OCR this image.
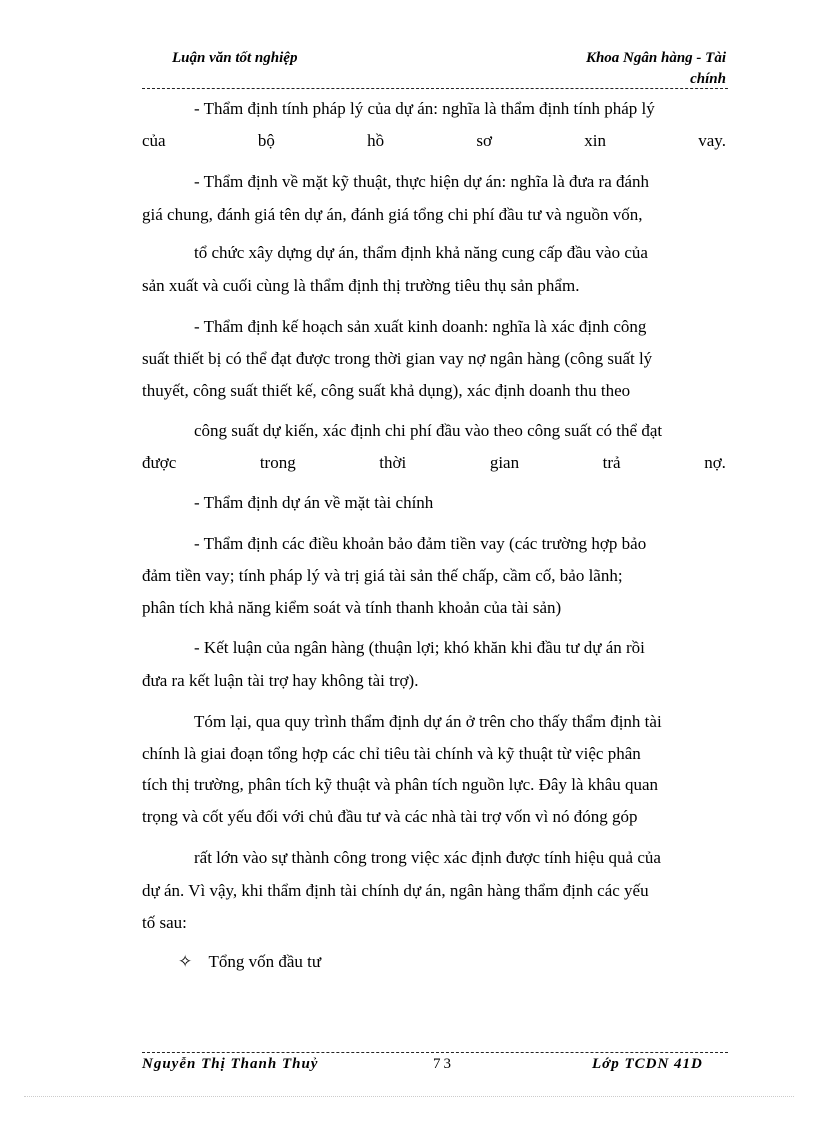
Luận văn tốt nghiệp	Khoa Ngân hàng - Tài
chính
- Thẩm định tính pháp lý của dự án: nghĩa là thẩm định tính pháp lý
của	bộ	hồ	sơ	xin	vay.
- Thẩm định về mặt kỹ thuật, thực hiện dự án: nghĩa là đưa ra đánh
giá chung, đánh giá tên dự án, đánh giá tổng chi phí đầu tư và nguồn vốn,
tổ chức xây dựng dự án, thẩm định khả năng cung cấp đầu vào của
sản xuất và cuối cùng là thẩm định thị trường tiêu thụ sản phẩm.
- Thẩm định kế hoạch sản xuất kinh doanh: nghĩa là xác định công
suất thiết bị có thể đạt được trong thời gian vay nợ ngân hàng (công suất lý
thuyết, công suất thiết kế, công suất khả dụng), xác định doanh thu theo
công suất dự kiến, xác định chi phí đầu vào theo công suất có thể đạt
được	trong	thời	gian	trả	nợ.
- Thẩm định dự án về mặt tài chính
- Thẩm định các điều khoản bảo đảm tiền vay (các trường hợp bảo
đảm tiền vay; tính pháp lý và trị giá tài sản thế chấp, cầm cố, bảo lãnh;
phân tích khả năng kiểm soát và tính thanh khoản của tài sản)
- Kết luận của ngân hàng (thuận lợi; khó khăn khi đầu tư dự án rồi
đưa ra kết luận tài trợ hay không tài trợ).
Tóm lại, qua quy trình thẩm định dự án ở trên cho thấy thẩm định tài
chính là giai đoạn tổng hợp các chỉ tiêu tài chính và kỹ thuật từ việc phân
tích thị trường, phân tích kỹ thuật và phân tích nguồn lực. Đây là khâu quan
trọng và cốt yếu đối với chủ đầu tư và các nhà tài trợ vốn vì nó đóng góp
rất lớn vào sự thành công trong việc xác định được tính hiệu quả của
dự án. Vì vậy, khi thẩm định tài chính dự án, ngân hàng thẩm định các yếu
tố sau:
✧ Tổng vốn đầu tư
Nguyễn Thị Thanh Thuỷ	73	Lớp TCDN 41D
